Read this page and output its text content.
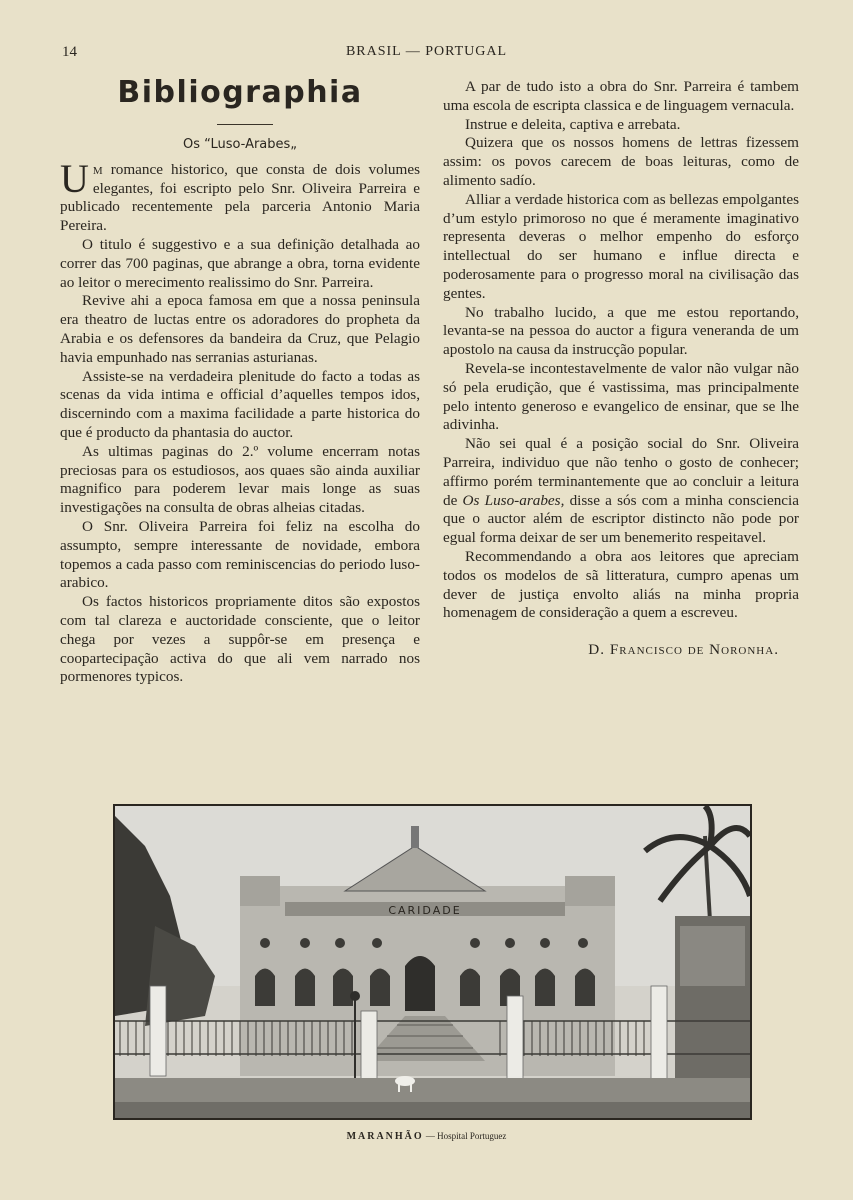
14	BRASIL — PORTUGAL
Bibliographia
Os “Luso-Arabes„

Um romance historico, que consta de dois volumes elegantes, foi escripto pelo Snr. Oliveira Parreira e publicado recentemente pela parceria Antonio Maria Pereira.

O titulo é suggestivo e a sua definição detalhada ao correr das 700 paginas, que abrange a obra, torna evidente ao leitor o merecimento realissimo do Snr. Parreira.

Revive ahi a epoca famosa em que a nossa peninsula era theatro de luctas entre os adoradores do propheta da Arabia e os defensores da bandeira da Cruz, que Pelagio havia empunhado nas serranias asturianas.

Assiste-se na verdadeira plenitude do facto a todas as scenas da vida intima e official d’aquelles tempos idos, discernindo com a maxima facilidade a parte historica do que é producto da phantasia do auctor.

As ultimas paginas do 2.º volume encerram notas preciosas para os estudiosos, aos quaes são ainda auxiliar magnifico para poderem levar mais longe as suas investigações na consulta de obras alheias citadas.

O Snr. Oliveira Parreira foi feliz na escolha do assumpto, sempre interessante de novidade, embora topemos a cada passo com reminiscencias do periodo luso-arabico.

Os factos historicos propriamente ditos são expostos com tal clareza e auctoridade consciente, que o leitor chega por vezes a suppôr-se em presença e coopartecipação activa do que ali vem narrado nos pormenores typicos.

A par de tudo isto a obra do Snr. Parreira é tambem uma escola de escripta classica e de linguagem vernacula.

Instrue e deleita, captiva e arrebata.

Quizera que os nossos homens de lettras fizessem assim: os povos carecem de boas leituras, como de alimento sadío.

Alliar a verdade historica com as bellezas empolgantes d’um estylo primoroso no que é meramente imaginativo representa deveras o melhor empenho do esforço intellectual do ser humano e influe directa e poderosamente para o progresso moral na civilisação das gentes.

No trabalho lucido, a que me estou reportando, levanta-se na pessoa do auctor a figura veneranda de um apostolo na causa da instrucção popular.

Revela-se incontestavelmente de valor não vulgar não só pela erudição, que é vastissima, mas principalmente pelo intento generoso e evangelico de ensinar, que se lhe adivinha.

Não sei qual é a posição social do Snr. Oliveira Parreira, individuo que não tenho o gosto de conhecer; affirmo porém terminantemente que ao concluir a leitura de Os Luso-arabes, disse a sós com a minha consciencia que o auctor além de escriptor distincto não pode por egual forma deixar de ser um benemerito respeitavel.

Recommendando a obra aos leitores que apreciam todos os modelos de sã litteratura, cumpro apenas um dever de justiça envolto aliás na minha propria homenagem de consideração a quem a escreveu.

D. Francisco de Noronha.
CARIDADE
MARANHÃO — Hospital Portuguez
